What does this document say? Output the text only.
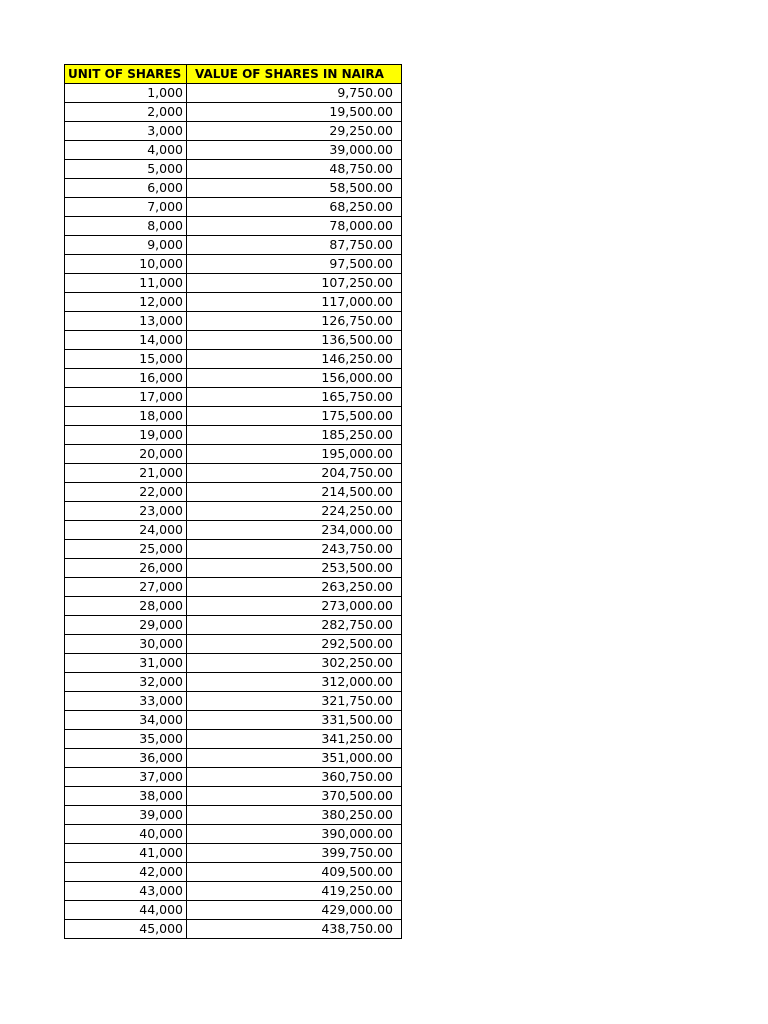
UNIT OF SHARES	VALUE OF SHARES IN NAIRA
1,000	9,750.00
2,000	19,500.00
3,000	29,250.00
4,000	39,000.00
5,000	48,750.00
6,000	58,500.00
7,000	68,250.00
8,000	78,000.00
9,000	87,750.00
10,000	97,500.00
11,000	107,250.00
12,000	117,000.00
13,000	126,750.00
14,000	136,500.00
15,000	146,250.00
16,000	156,000.00
17,000	165,750.00
18,000	175,500.00
19,000	185,250.00
20,000	195,000.00
21,000	204,750.00
22,000	214,500.00
23,000	224,250.00
24,000	234,000.00
25,000	243,750.00
26,000	253,500.00
27,000	263,250.00
28,000	273,000.00
29,000	282,750.00
30,000	292,500.00
31,000	302,250.00
32,000	312,000.00
33,000	321,750.00
34,000	331,500.00
35,000	341,250.00
36,000	351,000.00
37,000	360,750.00
38,000	370,500.00
39,000	380,250.00
40,000	390,000.00
41,000	399,750.00
42,000	409,500.00
43,000	419,250.00
44,000	429,000.00
45,000	438,750.00
